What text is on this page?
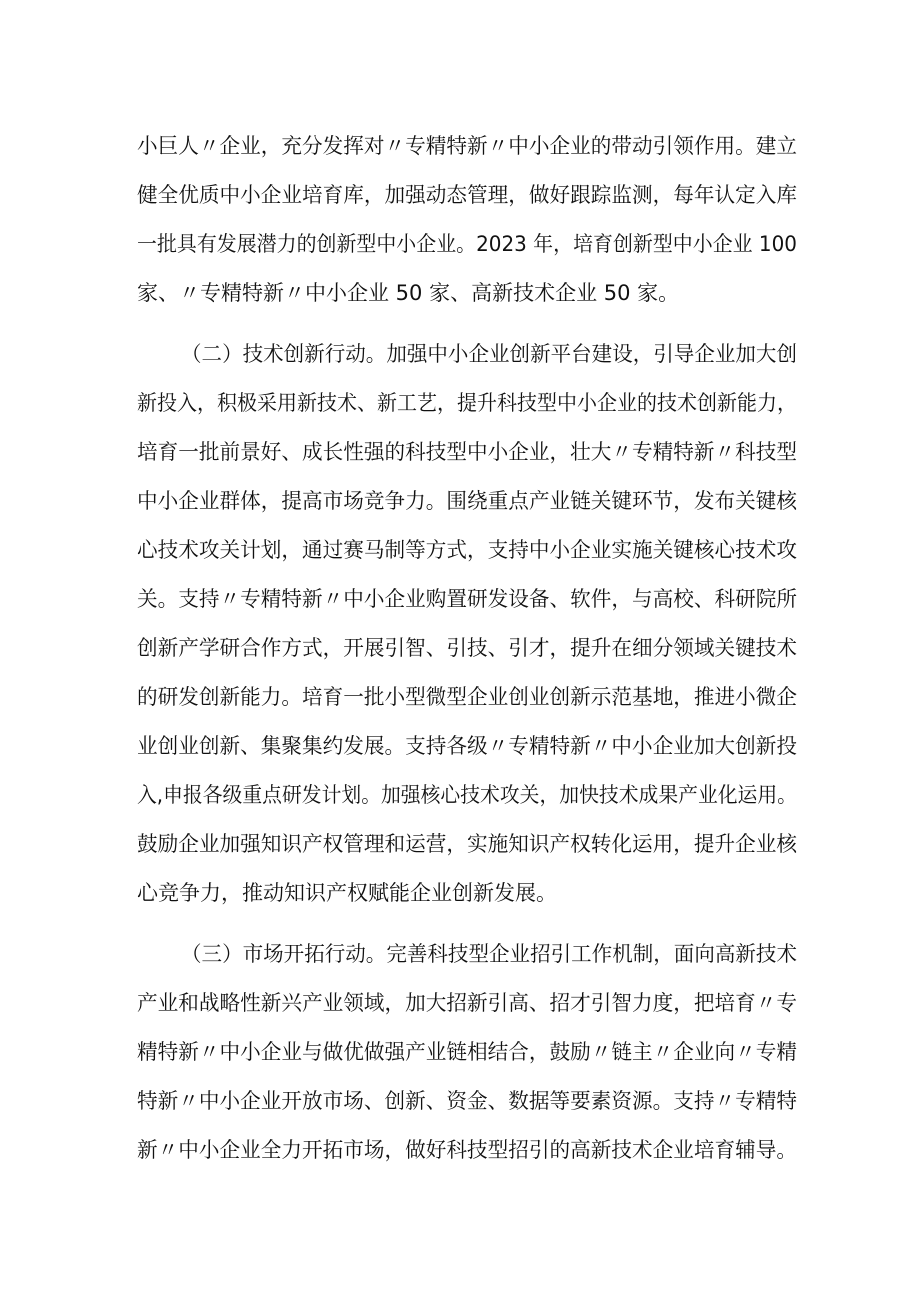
小巨人〃企业，充分发挥对〃专精特新〃中小企业的带动引领作用。建立
健全优质中小企业培育库，加强动态管理，做好跟踪监测，每年认定入库
一批具有发展潜力的创新型中小企业。2023 年，培育创新型中小企业 100
家、〃专精特新〃中小企业 50 家、高新技术企业 50 家。
（二）技术创新行动。加强中小企业创新平台建设，引导企业加大创
新投入，积极采用新技术、新工艺，提升科技型中小企业的技术创新能力，
培育一批前景好、成长性强的科技型中小企业，壮大〃专精特新〃科技型
中小企业群体，提高市场竞争力。围绕重点产业链关键环节，发布关键核
心技术攻关计划，通过赛马制等方式，支持中小企业实施关键核心技术攻
关。支持〃专精特新〃中小企业购置研发设备、软件，与高校、科研院所
创新产学研合作方式，开展引智、引技、引才，提升在细分领域关键技术
的研发创新能力。培育一批小型微型企业创业创新示范基地，推进小微企
业创业创新、集聚集约发展。支持各级〃专精特新〃中小企业加大创新投
入,申报各级重点研发计划。加强核心技术攻关，加快技术成果产业化运用。
鼓励企业加强知识产权管理和运营，实施知识产权转化运用，提升企业核
心竞争力，推动知识产权赋能企业创新发展。
（三）市场开拓行动。完善科技型企业招引工作机制，面向高新技术
产业和战略性新兴产业领域，加大招新引高、招才引智力度，把培育〃专
精特新〃中小企业与做优做强产业链相结合，鼓励〃链主〃企业向〃专精
特新〃中小企业开放市场、创新、资金、数据等要素资源。支持〃专精特
新〃中小企业全力开拓市场，做好科技型招引的高新技术企业培育辅导。
